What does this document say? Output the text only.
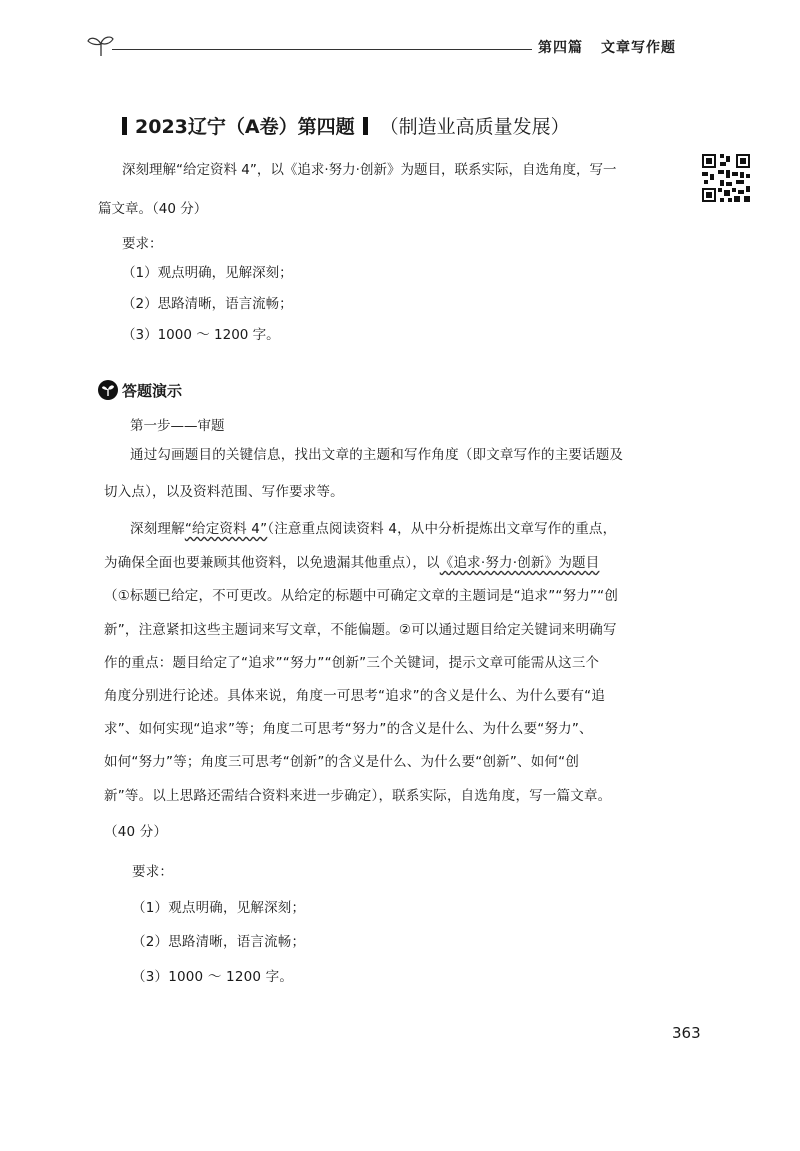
第四篇 文章写作题
2023辽宁（A卷）第四题 （制造业高质量发展）
深刻理解“给定资料 4”，以《追求·努力·创新》为题目，联系实际，自选角度，写一
篇文章。（40 分）
要求：
（1）观点明确，见解深刻；
（2）思路清晰，语言流畅；
（3）1000 ～ 1200 字。
答题演示
第一步——审题
通过勾画题目的关键信息，找出文章的主题和写作角度（即文章写作的主要话题及
切入点），以及资料范围、写作要求等。
深刻理解“给定资料 4”（注意重点阅读资料 4，从中分析提炼出文章写作的重点，
为确保全面也要兼顾其他资料，以免遗漏其他重点），以《追求·努力·创新》为题目
（①标题已给定，不可更改。从给定的标题中可确定文章的主题词是“追求”“努力”“创
新”，注意紧扣这些主题词来写文章，不能偏题。②可以通过题目给定关键词来明确写
作的重点：题目给定了“追求”“努力”“创新”三个关键词，提示文章可能需从这三个
角度分别进行论述。具体来说，角度一可思考“追求”的含义是什么、为什么要有“追
求”、如何实现“追求”等；角度二可思考“努力”的含义是什么、为什么要“努力”、
如何“努力”等；角度三可思考“创新”的含义是什么、为什么要“创新”、如何“创
新”等。以上思路还需结合资料来进一步确定），联系实际，自选角度，写一篇文章。
（40 分）
要求：
（1）观点明确，见解深刻；
（2）思路清晰，语言流畅；
（3）1000 ～ 1200 字。
363
